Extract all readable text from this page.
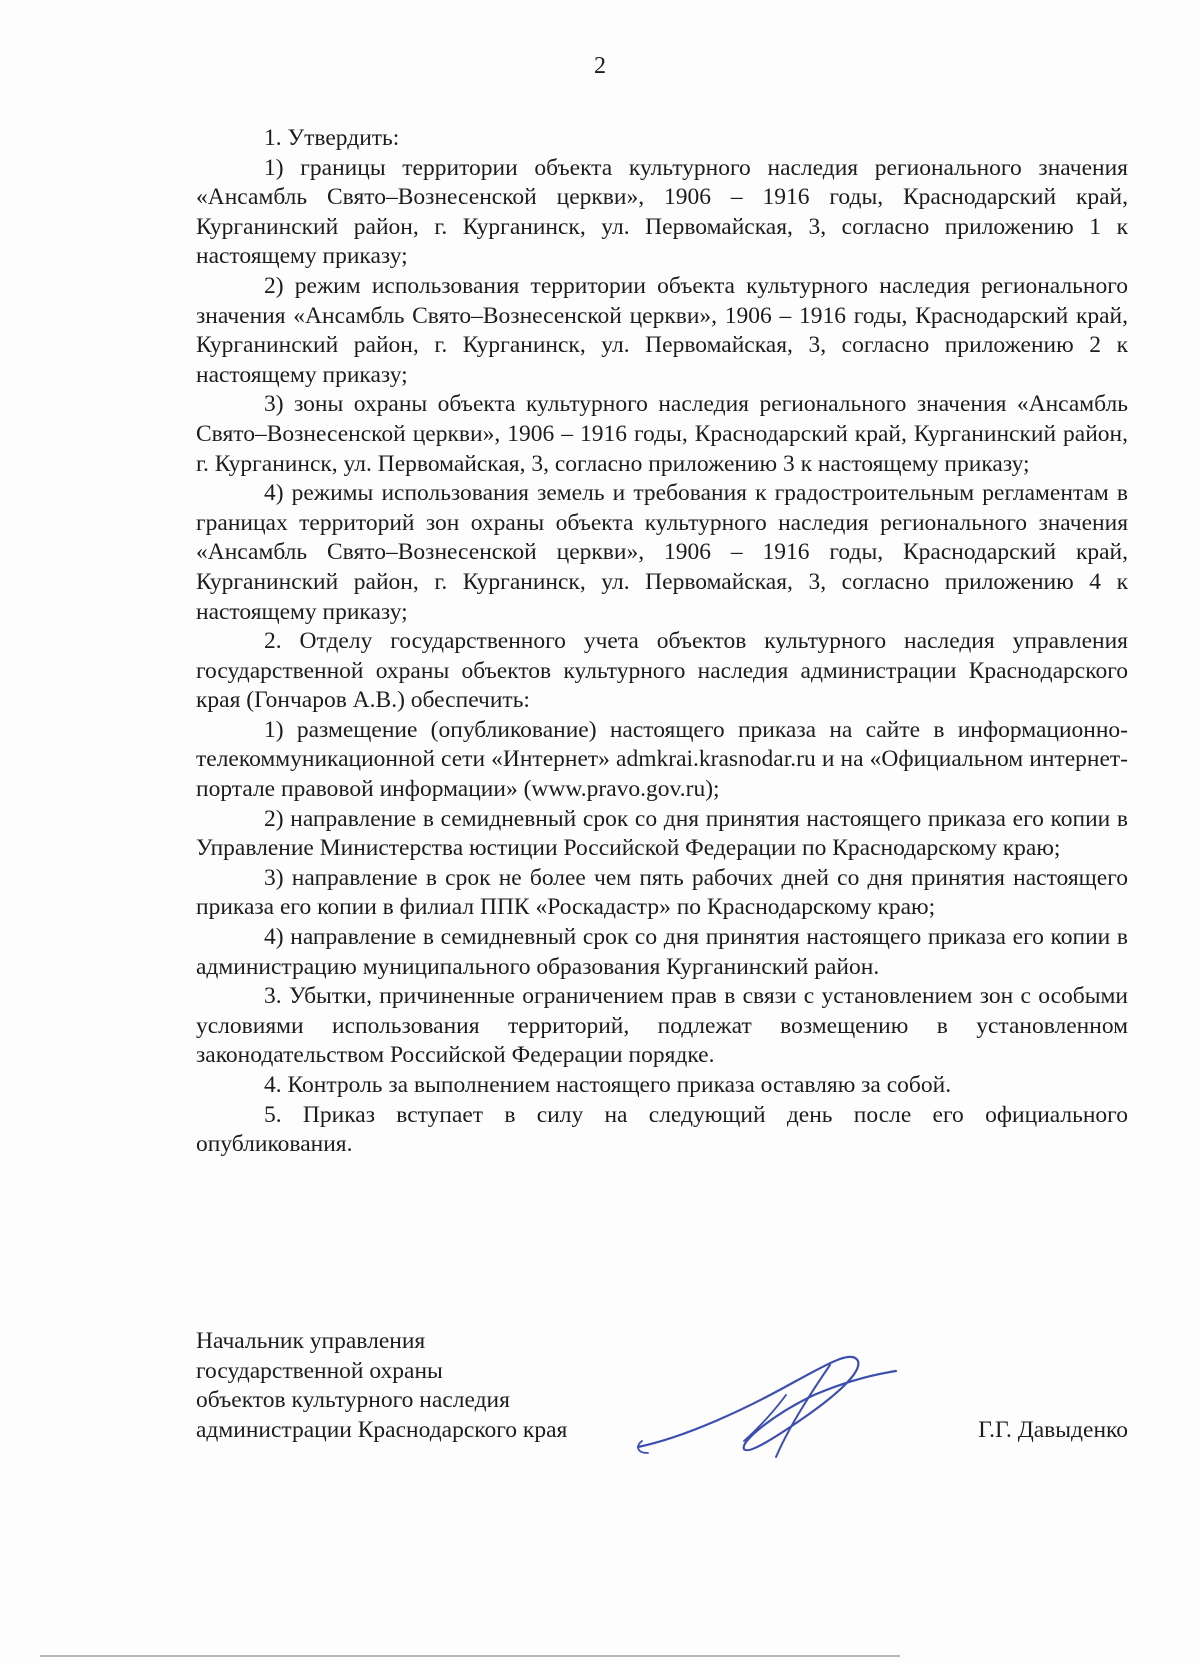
2

1. Утвердить:

1) границы территории объекта культурного наследия регионального значения «Ансамбль Свято–Вознесенской церкви», 1906 – 1916 годы, Краснодарский край, Курганинский район, г. Курганинск, ул. Первомайская, 3, согласно приложению 1 к настоящему приказу;

2) режим использования территории объекта культурного наследия регионального значения «Ансамбль Свято–Вознесенской церкви», 1906 – 1916 годы, Краснодарский край, Курганинский район, г. Курганинск, ул. Первомайская, 3, согласно приложению 2 к настоящему приказу;

3) зоны охраны объекта культурного наследия регионального значения «Ансамбль Свято–Вознесенской церкви», 1906 – 1916 годы, Краснодарский край, Курганинский район, г. Курганинск, ул. Первомайская, 3, согласно приложению 3 к настоящему приказу;

4) режимы использования земель и требования к градостроительным регламентам в границах территорий зон охраны объекта культурного наследия регионального значения «Ансамбль Свято–Вознесенской церкви», 1906 – 1916 годы, Краснодарский край, Курганинский район, г. Курганинск, ул. Первомайская, 3, согласно приложению 4 к настоящему приказу;

2. Отделу государственного учета объектов культурного наследия управления государственной охраны объектов культурного наследия администрации Краснодарского края (Гончаров А.В.) обеспечить:

1) размещение (опубликование) настоящего приказа на сайте в информационно-телекоммуникационной сети «Интернет» admkrai.krasnodar.ru и на «Официальном интернет-портале правовой информации» (www.pravo.gov.ru);

2) направление в семидневный срок со дня принятия настоящего приказа его копии в Управление Министерства юстиции Российской Федерации по Краснодарскому краю;

3) направление в срок не более чем пять рабочих дней со дня принятия настоящего приказа его копии в филиал ППК «Роскадастр» по Краснодарскому краю;

4) направление в семидневный срок со дня принятия настоящего приказа его копии в администрацию муниципального образования Курганинский район.

3. Убытки, причиненные ограничением прав в связи с установлением зон с особыми условиями использования территорий, подлежат возмещению в установленном законодательством Российской Федерации порядке.

4. Контроль за выполнением настоящего приказа оставляю за собой.

5. Приказ вступает в силу на следующий день после его официального опубликования.

Начальник управления

государственной охраны

объектов культурного наследия

администрации Краснодарского края	Г.Г. Давыденко
